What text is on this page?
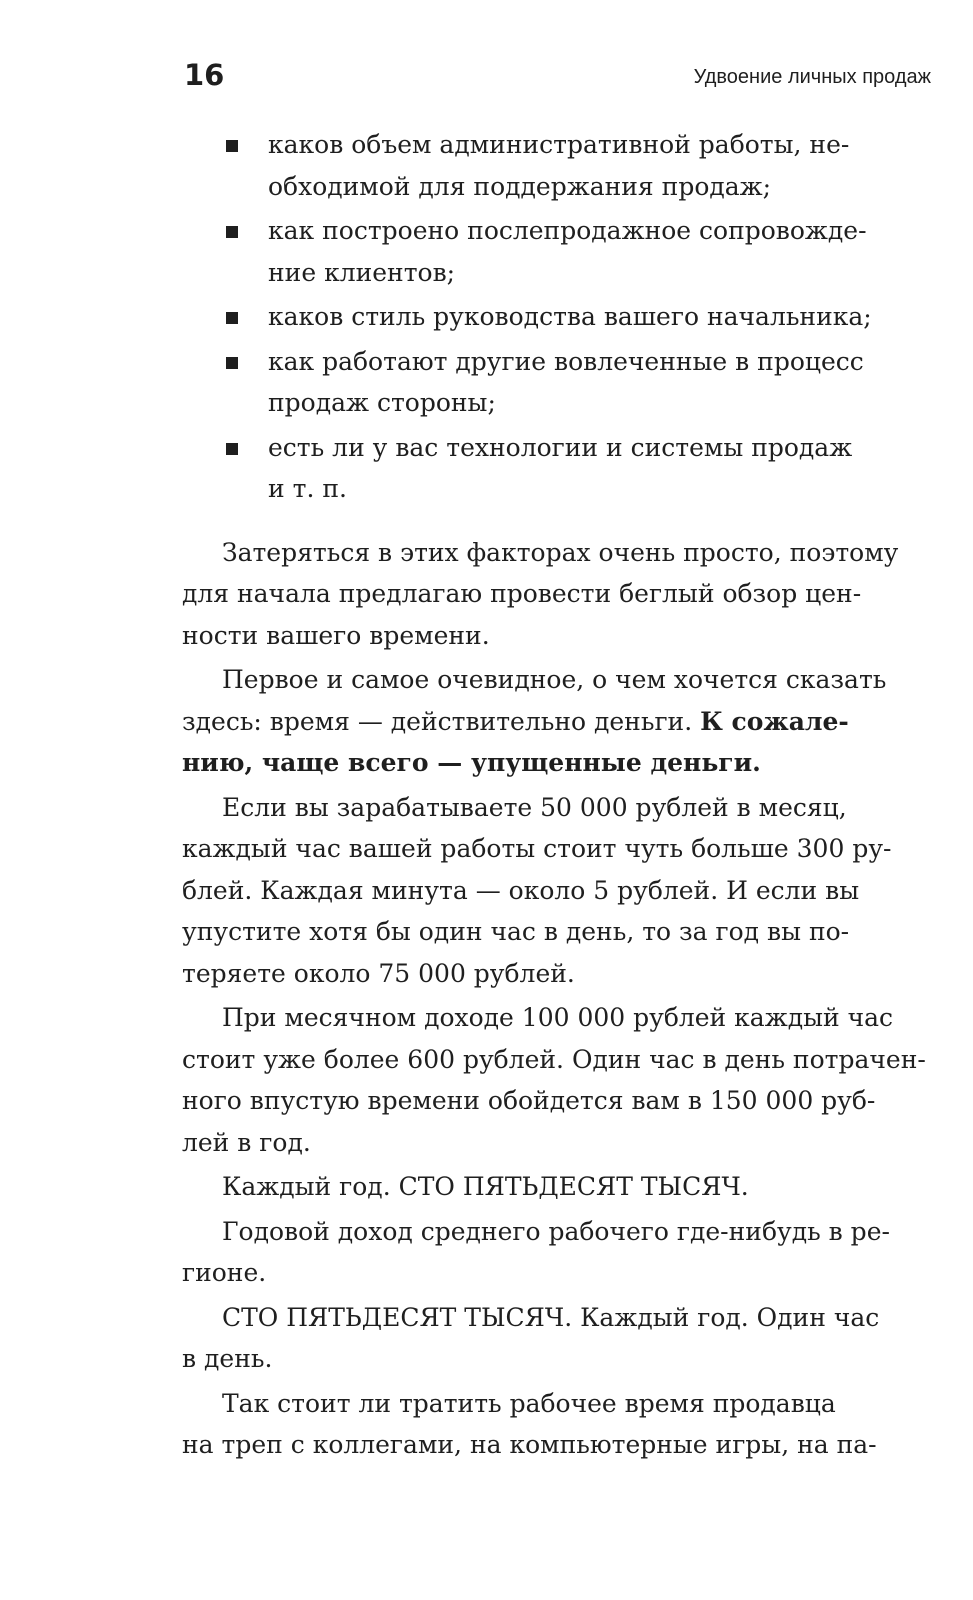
16	Удвоение личных продаж
каков объем административной работы, не-
обходимой для поддержания продаж;
как построено послепродажное сопровожде-
ние клиентов;
каков стиль руководства вашего начальника;
как работают другие вовлеченные в процесс
продаж стороны;
есть ли у вас технологии и системы продаж
и т. п.

Затеряться в этих факторах очень просто, поэтому
для начала предлагаю провести беглый обзор цен-
ности вашего времени.

Первое и самое очевидное, о чем хочется сказать
здесь: время — действительно деньги. К сожале-
нию, чаще всего — упущенные деньги.

Если вы зарабатываете 50 000 рублей в месяц,
каждый час вашей работы стоит чуть больше 300 ру-
блей. Каждая минута — около 5 рублей. И если вы
упустите хотя бы один час в день, то за год вы по-
теряете около 75 000 рублей.

При месячном доходе 100 000 рублей каждый час
стоит уже более 600 рублей. Один час в день потрачен-
ного впустую времени обойдется вам в 150 000 руб-
лей в год.

Каждый год. СТО ПЯТЬДЕСЯТ ТЫСЯЧ.

Годовой доход среднего рабочего где-нибудь в ре-
гионе.

СТО ПЯТЬДЕСЯТ ТЫСЯЧ. Каждый год. Один час
в день.

Так стоит ли тратить рабочее время продавца
на треп с коллегами, на компьютерные игры, на па-
